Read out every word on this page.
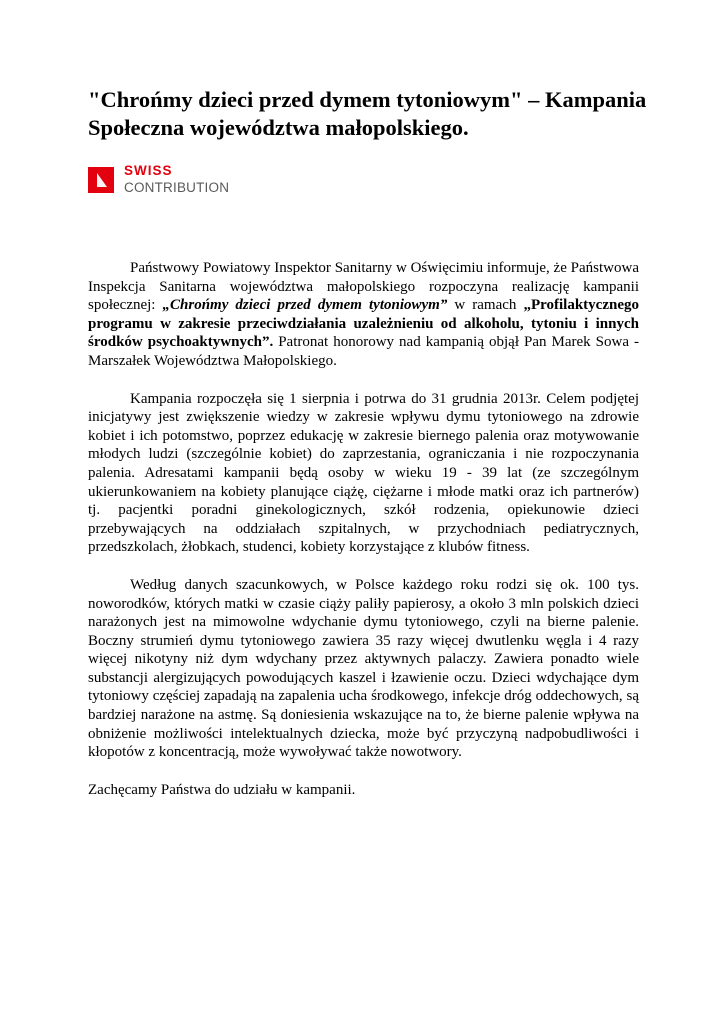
"Chrońmy dzieci przed dymem tytoniowym" – Kampania Społeczna województwa małopolskiego.
SWISS
CONTRIBUTION

Państwowy Powiatowy Inspektor Sanitarny w Oświęcimiu informuje, że Państwowa Inspekcja Sanitarna województwa małopolskiego rozpoczyna realizację kampanii społecznej: „Chrońmy dzieci przed dymem tytoniowym” w ramach „Profilaktycznego programu w zakresie przeciwdziałania uzależnieniu od alkoholu, tytoniu i innych środków psychoaktywnych”. Patronat honorowy nad kampanią objął Pan Marek Sowa - Marszałek Województwa Małopolskiego.

Kampania rozpoczęła się 1 sierpnia i potrwa do 31 grudnia 2013r. Celem podjętej inicjatywy jest zwiększenie wiedzy w zakresie wpływu dymu tytoniowego na zdrowie kobiet i ich potomstwo, poprzez edukację w zakresie biernego palenia oraz motywowanie młodych ludzi (szczególnie kobiet) do zaprzestania, ograniczania i nie rozpoczynania palenia. Adresatami kampanii będą osoby w wieku 19 - 39 lat (ze szczególnym ukierunkowaniem na kobiety planujące ciążę, ciężarne i młode matki oraz ich partnerów) tj. pacjentki poradni ginekologicznych, szkół rodzenia, opiekunowie dzieci przebywających na oddziałach szpitalnych, w przychodniach pediatrycznych, przedszkolach, żłobkach, studenci, kobiety korzystające z klubów fitness.

Według danych szacunkowych, w Polsce każdego roku rodzi się ok. 100 tys. noworodków, których matki w czasie ciąży paliły papierosy, a około 3 mln polskich dzieci narażonych jest na mimowolne wdychanie dymu tytoniowego, czyli na bierne palenie. Boczny strumień dymu tytoniowego zawiera 35 razy więcej dwutlenku węgla i 4 razy więcej nikotyny niż dym wdychany przez aktywnych palaczy. Zawiera ponadto wiele substancji alergizujących powodujących kaszel i łzawienie oczu. Dzieci wdychające dym tytoniowy częściej zapadają na zapalenia ucha środkowego, infekcje dróg oddechowych, są bardziej narażone na astmę. Są doniesienia wskazujące na to, że bierne palenie wpływa na obniżenie możliwości intelektualnych dziecka, może być przyczyną nadpobudliwości i kłopotów z koncentracją, może wywoływać także nowotwory.

Zachęcamy Państwa do udziału w kampanii.
